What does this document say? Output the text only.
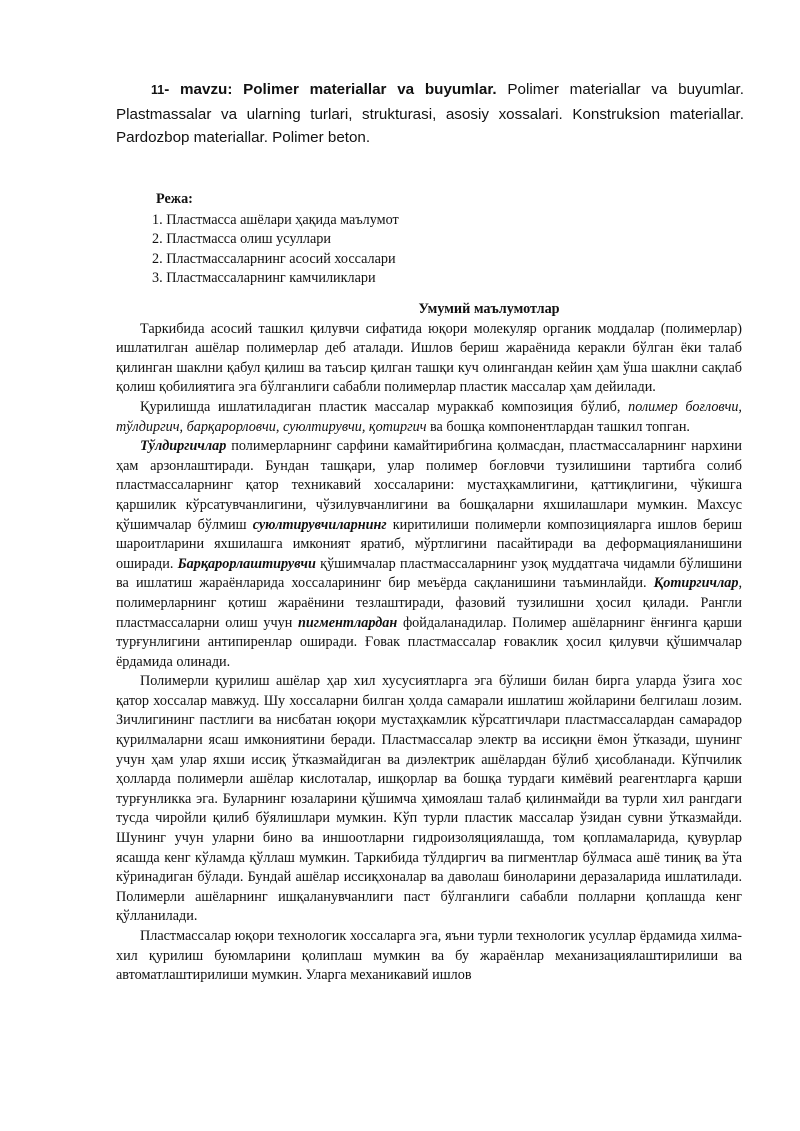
11- mavzu: Polimer materiallar va buyumlar. Polimer materiallar va buyumlar. Plastmassalar va ularning turlari, strukturasi, asosiy xossalari. Konstruksion materiallar. Pardozbop materiallar. Polimer beton.
Режа:
1. Пластмасса ашёлари ҳақида маълумот
2. Пластмасса олиш усуллари
2. Пластмассаларнинг асосий хоссалари
3. Пластмассаларнинг камчиликлари
Умумий маълумотлар

Таркибида асосий ташкил қилувчи сифатида юқори молекуляр органик моддалар (полимерлар) ишлатилган ашёлар полимерлар деб аталади. Ишлов бериш жараёнида керакли бўлган ёки талаб қилинган шаклни қабул қилиш ва таъсир қилган ташқи куч олингандан кейин ҳам ўша шаклни сақлаб қолиш қобилиятига эга бўлганлиги сабабли полимерлар пластик массалар ҳам дейилади.

Қурилишда ишлатиладиган пластик массалар мураккаб композиция бўлиб, полимер боғловчи, тўлдиргич, барқарорловчи, суюлтирувчи, қотиргич ва бошқа компонентлардан ташкил топган.

Тўлдиргичлар полимерларнинг сарфини камайтирибгина қолмасдан, пластмассаларнинг нархини ҳам арзонлаштиради. Бундан ташқари, улар полимер боғловчи тузилишини тартибга солиб пластмассаларнинг қатор техникавий хоссаларини: мустаҳкамлигини, қаттиқлигини, чўкишга қаршилик кўрсатувчанлигини, чўзилувчанлигини ва бошқаларни яхшилашлари мумкин. Махсус қўшимчалар бўлмиш суюлтирувчиларнинг киритилиши полимерли композицияларга ишлов бериш шароитларини яхшилашга имконият яратиб, мўртлигини пасайтиради ва деформацияланишини оширади. Барқарорлаштирувчи қўшимчалар пластмассаларнинг узоқ муддатгача чидамли бўлишини ва ишлатиш жараёнларида хоссаларининг бир меъёрда сақланишини таъминлайди. Қотиргичлар, полимерларнинг қотиш жараёнини тезлаштиради, фазовий тузилишни ҳосил қилади. Рангли пластмассаларни олиш учун пигментлардан фойдаланадилар. Полимер ашёларнинг ёнғинга қарши турғунлигини антипиренлар оширади. Ғовак пластмассалар ғоваклик ҳосил қилувчи қўшимчалар ёрдамида олинади.

Полимерли қурилиш ашёлар ҳар хил хусусиятларга эга бўлиши билан бирга уларда ўзига хос қатор хоссалар мавжуд. Шу хоссаларни билган ҳолда самарали ишлатиш жойларини белгилаш лозим. Зичлигининг пастлиги ва нисбатан юқори мустаҳкамлик кўрсатгичлари пластмассалардан самарадор қурилмаларни ясаш имкониятини беради. Пластмассалар электр ва иссиқни ёмон ўтказади, шунинг учун ҳам улар яхши иссиқ ўтказмайдиган ва диэлектрик ашёлардан бўлиб ҳисобланади. Кўпчилик ҳолларда полимерли ашёлар кислоталар, ишқорлар ва бошқа турдаги кимёвий реагентларга қарши турғунликка эга. Буларнинг юзаларини қўшимча ҳимоялаш талаб қилинмайди ва турли хил рангдаги тусда чиройли қилиб бўялишлари мумкин. Кўп турли пластик массалар ўзидан сувни ўтказмайди. Шунинг учун уларни бино ва иншоотларни гидроизоляциялашда, том қопламаларида, қувурлар ясашда кенг кўламда қўллаш мумкин. Таркибида тўлдиргич ва пигментлар бўлмаса ашё тиниқ ва ўта кўринадиган бўлади. Бундай ашёлар иссиқхоналар ва даволаш биноларини деразаларида ишлатилади. Полимерли ашёларнинг ишқаланувчанлиги паст бўлганлиги сабабли полларни қоплашда кенг қўлланилади.

Пластмассалар юқори технологик хоссаларга эга, яъни турли технологик усуллар ёрдамида хилма-хил қурилиш буюмларини қолиплаш мумкин ва бу жараёнлар механизациялаштирилиши ва автоматлаштирилиши мумкин. Уларга механикавий ишлов
